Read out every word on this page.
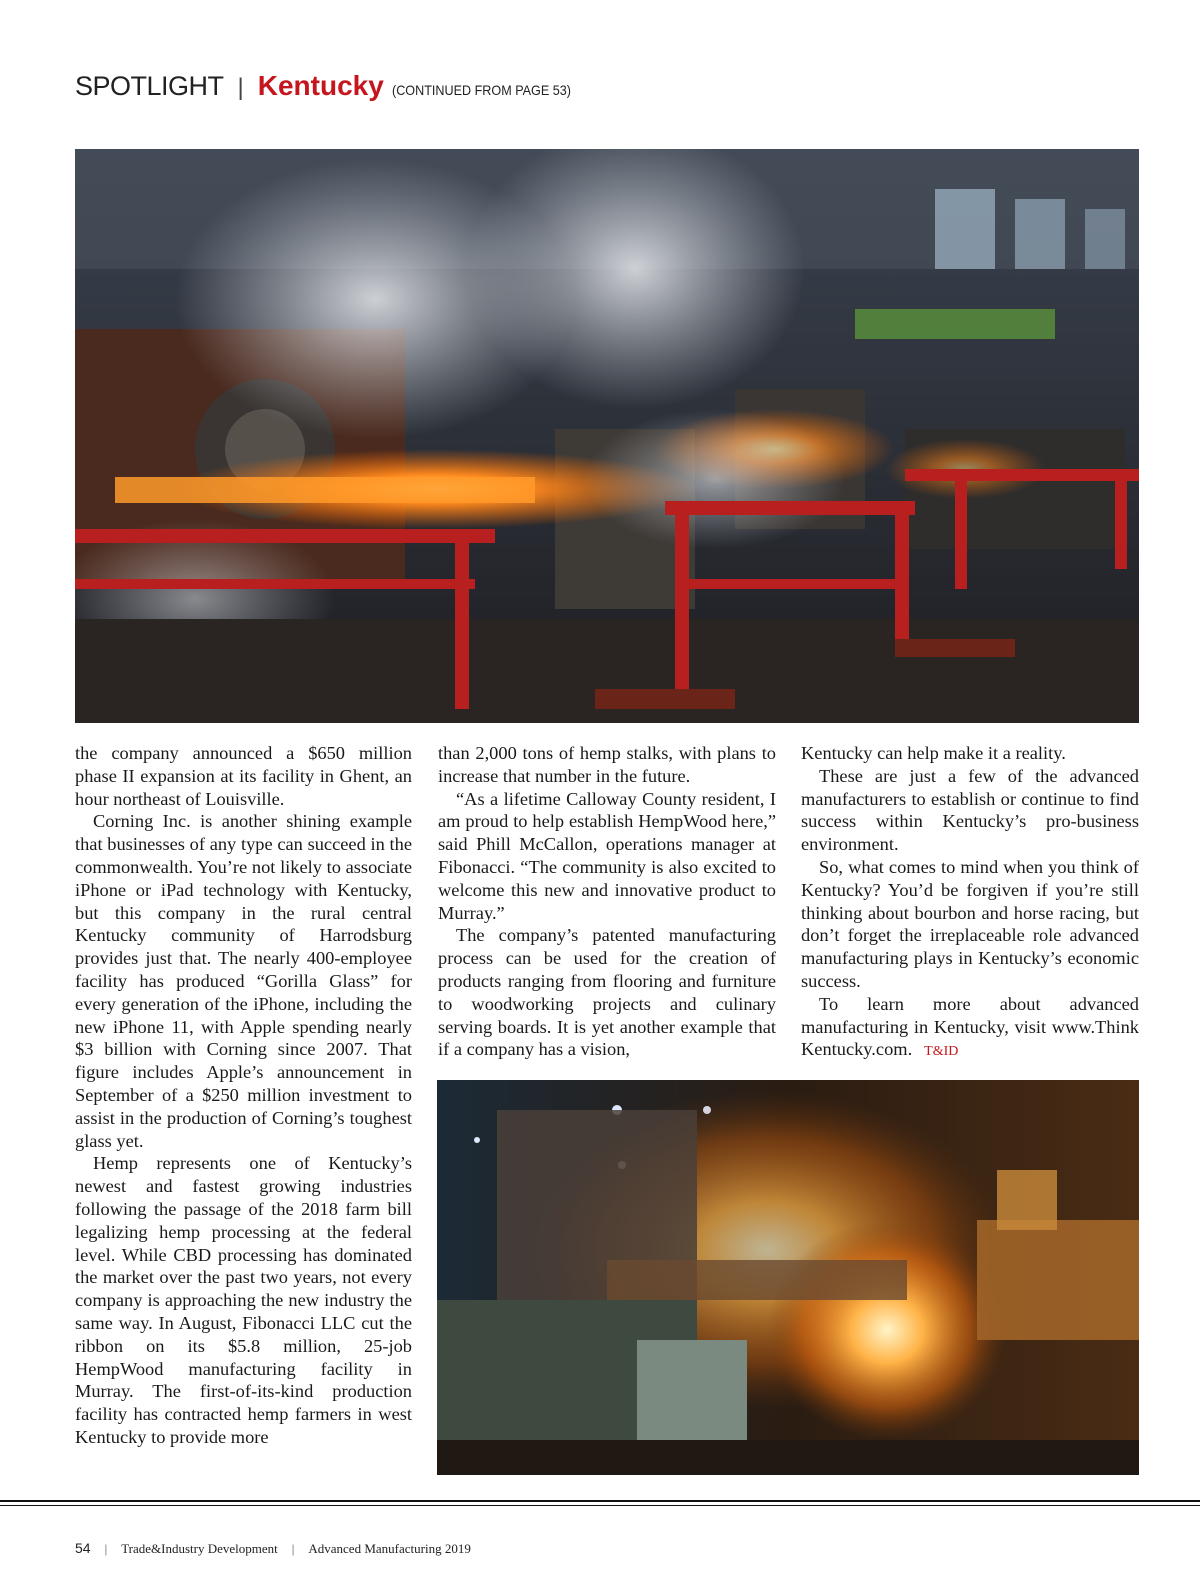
SPOTLIGHT | Kentucky (CONTINUED FROM PAGE 53)

the company announced a $650 million phase II expansion at its facility in Ghent, an hour northeast of Louisville.

Corning Inc. is another shining example that businesses of any type can succeed in the commonwealth. You’re not likely to associate iPhone or iPad technology with Kentucky, but this company in the rural central Kentucky community of Harrodsburg provides just that. The nearly 400-employee facility has produced “Gorilla Glass” for every generation of the iPhone, including the new iPhone 11, with Apple spending nearly $3 billion with Corning since 2007. That figure includes Apple’s announcement in September of a $250 million investment to assist in the production of Corning’s toughest glass yet.

Hemp represents one of Kentucky’s newest and fastest growing industries following the passage of the 2018 farm bill legalizing hemp processing at the federal level. While CBD processing has dominated the market over the past two years, not every company is approaching the new industry the same way. In August, Fibonacci LLC cut the ribbon on its $5.8 million, 25-job HempWood manufacturing facility in Murray. The first-of-its-kind production facility has contracted hemp farmers in west Kentucky to provide more

than 2,000 tons of hemp stalks, with plans to increase that number in the future.

“As a lifetime Calloway County resident, I am proud to help establish HempWood here,” said Phill McCallon, operations manager at Fibonacci. “The community is also excited to welcome this new and innovative product to Murray.”

The company’s patented manufacturing process can be used for the creation of products ranging from flooring and furniture to woodworking projects and culinary serving boards. It is yet another example that if a company has a vision,

Kentucky can help make it a reality.

These are just a few of the advanced manufacturers to establish or continue to find success within Kentucky’s pro-business environment.

So, what comes to mind when you think of Kentucky? You’d be forgiven if you’re still thinking about bourbon and horse racing, but don’t forget the irreplaceable role advanced manufacturing plays in Kentucky’s economic success.

To learn more about advanced manufacturing in Kentucky, visit www.Think Kentucky.com. T&ID

54 | Trade&Industry Development | Advanced Manufacturing 2019
